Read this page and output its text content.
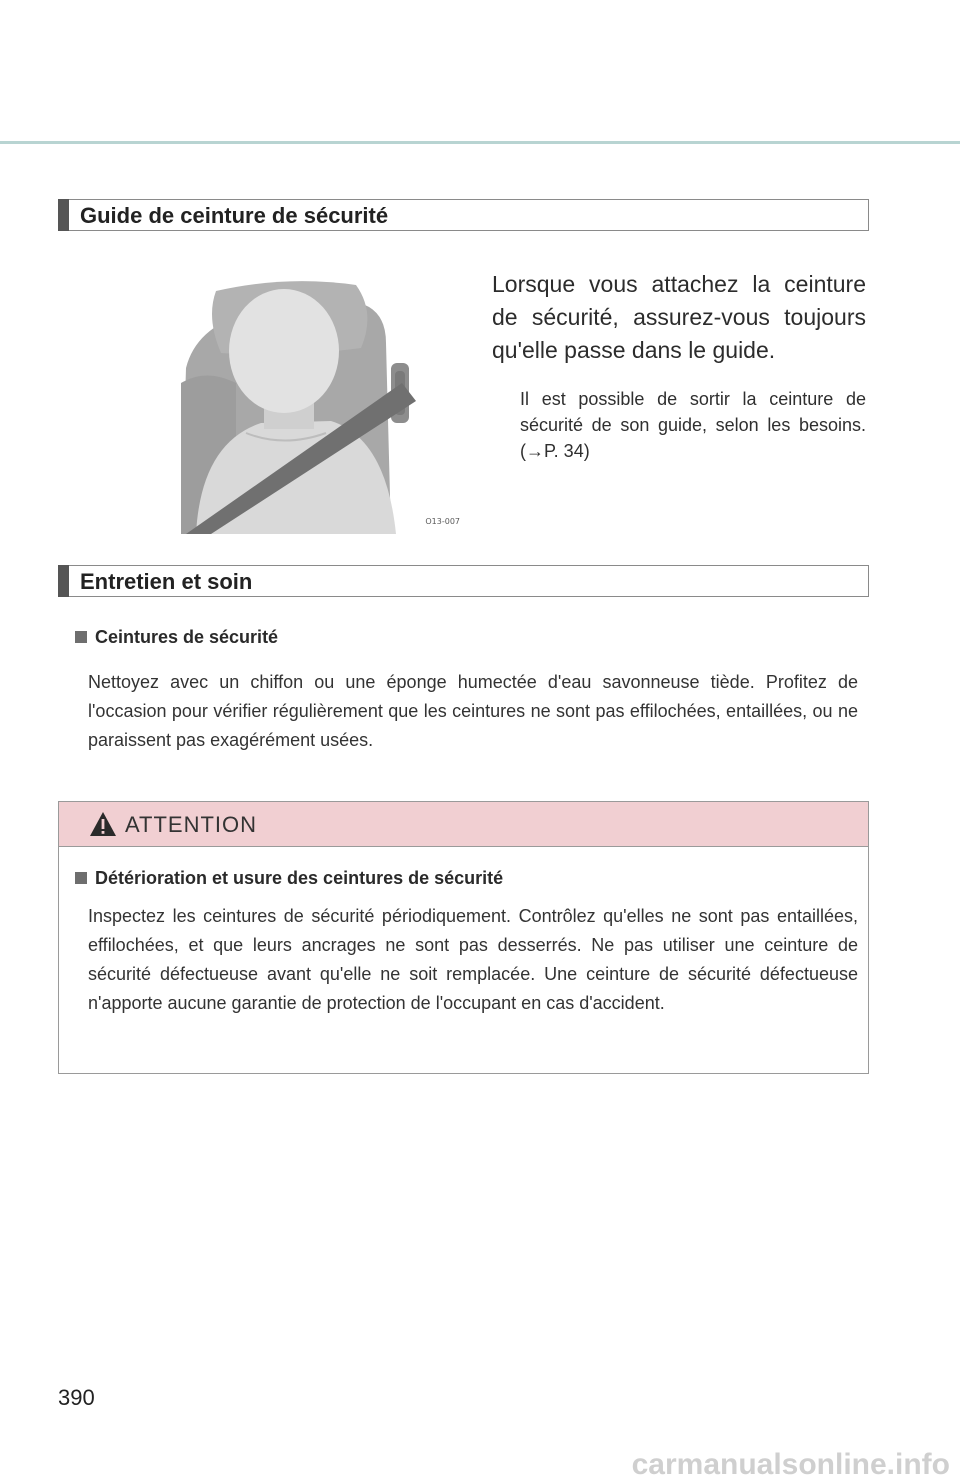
Guide de ceinture de sécurité
O13-007
Lorsque vous attachez la ceinture de sécurité, assurez-vous toujours qu'elle passe dans le guide.
Il est possible de sortir la ceinture de sécurité de son guide, selon les besoins. (→P. 34)
Entretien et soin
Ceintures de sécurité
Nettoyez avec un chiffon ou une éponge humectée d'eau savonneuse tiède. Profitez de l'occasion pour vérifier régulièrement que les ceintures ne sont pas effilochées, entaillées, ou ne paraissent pas exagérément usées.
ATTENTION
Détérioration et usure des ceintures de sécurité
Inspectez les ceintures de sécurité périodiquement. Contrôlez qu'elles ne sont pas entaillées, effilochées, et que leurs ancrages ne sont pas desserrés. Ne pas utiliser une ceinture de sécurité défectueuse avant qu'elle ne soit remplacée. Une ceinture de sécurité défectueuse n'apporte aucune garantie de protection de l'occupant en cas d'accident.
390
carmanualsonline.info
